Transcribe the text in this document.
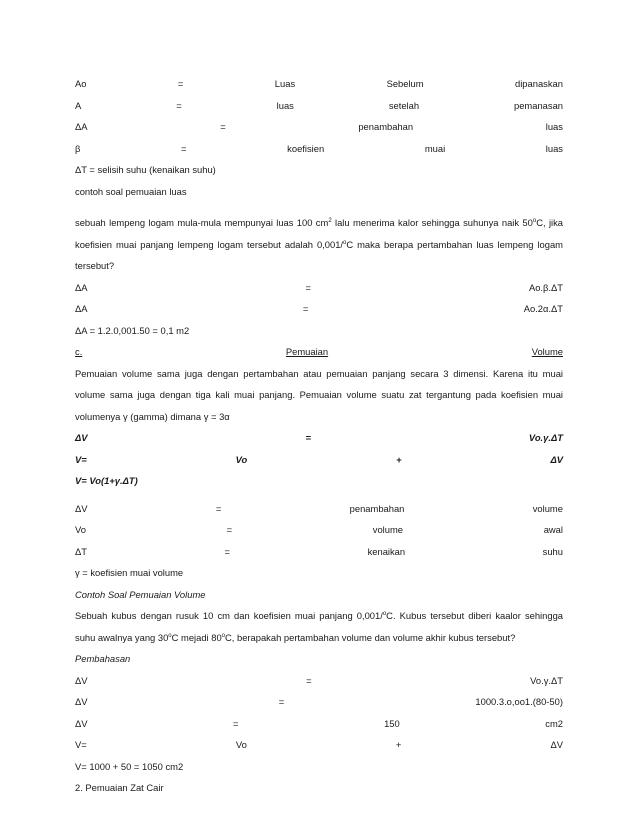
Ao	=	Luas	Sebelum	dipanaskan
A	=	luas	setelah	pemanasan
ΔA	=	penambahan	luas
β	=	koefisien	muai	luas
ΔT = selisih suhu (kenaikan suhu)
contoh soal pemuaian luas
sebuah lempeng logam mula-mula mempunyai luas 100 $cm^2$ lalu menerima kalor sehingga suhunya naik 50$^o$C, jika koefisien muai panjang lempeng logam tersebut adalah 0,001/$^o$C maka berapa pertambahan luas lempeng logam tersebut?
ΔA	=	Ao.β.ΔT
ΔA	=	Ao.2α.ΔT
ΔA = 1.2.0,001.50 = 0,1 m2
c.	Pemuaian	Volume
Pemuaian volume sama juga dengan pertambahan atau pemuaian panjang secara 3 dimensi. Karena itu muai volume sama juga dengan tiga kali muai panjang. Pemuaian volume suatu zat tergantung pada koefisien muai volumenya γ (gamma) dimana γ = 3α
ΔV	=	Vo.γ.ΔT
V=	Vo	+	ΔV
V= Vo(1+γ.ΔT)
ΔV	=	penambahan	volume
Vo	=	volume	awal
ΔT	=	kenaikan	suhu
γ = koefisien muai volume
Contoh Soal Pemuaian Volume
Sebuah kubus dengan rusuk 10 cm dan koefisien muai panjang 0,001/$^o$C. Kubus tersebut diberi kaalor sehingga suhu awalnya yang 30$^o$C mejadi 80$^o$C, berapakah pertambahan volume dan volume akhir kubus tersebut?
Pembahasan
ΔV	=	Vo.γ.ΔT
ΔV	=	1000.3.o,oo1.(80-50)
ΔV	=	150	cm2
V=	Vo	+	ΔV
V= 1000 + 50 = 1050 cm2
2. Pemuaian Zat Cair
